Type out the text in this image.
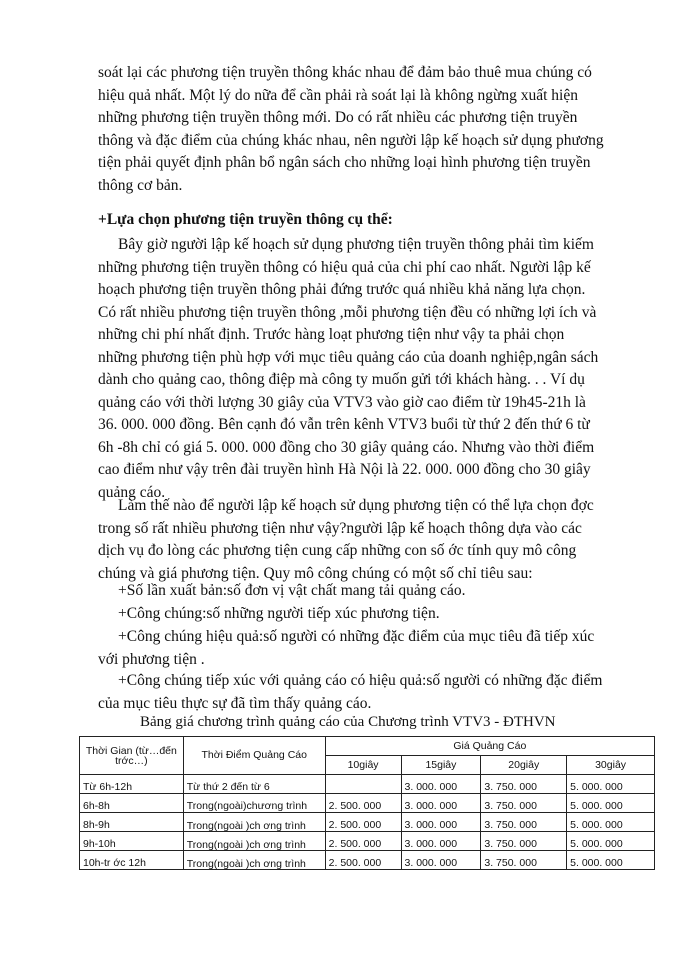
soát lại các phương tiện truyền thông khác nhau để đảm bảo thuê mua chúng có
hiệu quả nhất. Một lý do nữa để cần phải rà soát lại là không ngừng xuất hiện
những phương tiện truyền thông mới. Do có rất nhiều các phương tiện truyền
thông và đặc điểm của chúng khác nhau, nên người lập kế hoạch sử dụng phương
tiện phải quyết định phân bổ ngân sách cho những loại hình phương tiện truyền
thông cơ bản.

+Lựa chọn phương tiện truyền thông cụ thể:

Bây giờ người lập kế hoạch sử dụng phương tiện truyền thông phải tìm kiếm
những phương tiện truyền thông có hiệu quả của chi phí cao nhất. Người lập kế
hoạch phương tiện truyền thông phải đứng trước quá nhiều khả năng lựa chọn.
Có rất nhiều phương tiện truyền thông ,mỗi phương tiện đều có những lợi ích và
những chi phí nhất định. Trước hàng loạt phương tiện như vậy ta phải chọn
những phương tiện phù hợp với mục tiêu quảng cáo của doanh nghiệp,ngân sách
dành cho quảng cao, thông điệp mà công ty muốn gửi tới khách hàng. . . Ví dụ
quảng cáo với thời lượng 30 giây của VTV3 vào giờ cao điểm từ 19h45-21h là
36. 000. 000 đồng. Bên cạnh đó vẫn trên kênh VTV3 buổi từ thứ 2 đến thứ 6 từ
6h -8h chỉ có giá 5. 000. 000 đồng cho 30 giây quảng cáo. Nhưng vào thời điểm
cao điểm như vậy trên đài truyền hình Hà Nội là 22. 000. 000 đồng cho 30 giây
quảng cáo.
Làm thế nào để người lập kế hoạch sử dụng phương tiện có thể lựa chọn đợc
trong số rất nhiều phương tiện như vậy?người lập kế hoạch thông dựa vào các
dịch vụ đo lòng các phương tiện cung cấp những con số ớc tính quy mô công
chúng và giá phương tiện. Quy mô công chúng có một số chỉ tiêu sau:
+Số lần xuất bản:số đơn vị vật chất mang tải quảng cáo.
+Công chúng:số những người tiếp xúc phương tiện.
+Công chúng hiệu quả:số người có những đặc điểm của mục tiêu đã tiếp xúc
với phương tiện .
+Công chúng tiếp xúc với quảng cáo có hiệu quả:số người có những đặc điểm
của mục tiêu thực sự đã tìm thấy quảng cáo.

Bảng giá chương trình quảng cáo của Chương trình VTV3 - ĐTHVN

Thời Gian (từ…đến trớc…)	Thời Điểm Quảng Cáo	Giá Quảng Cáo			
		10giây	15giây	20giây	30giây
Từ 6h-12h	Từ thứ 2 đến từ 6		3. 000. 000	3. 750. 000	5. 000. 000
6h-8h	Trong(ngoài)chương trình	2. 500. 000	3. 000. 000	3. 750. 000	5. 000. 000
8h-9h	Trong(ngoài )ch ơng trình	2. 500. 000	3. 000. 000	3. 750. 000	5. 000. 000
9h-10h	Trong(ngoài )ch ơng trình	2. 500. 000	3. 000. 000	3. 750. 000	5. 000. 000
10h-tr ớc 12h	Trong(ngoài )ch ơng trình	2. 500. 000	3. 000. 000	3. 750. 000	5. 000. 000
